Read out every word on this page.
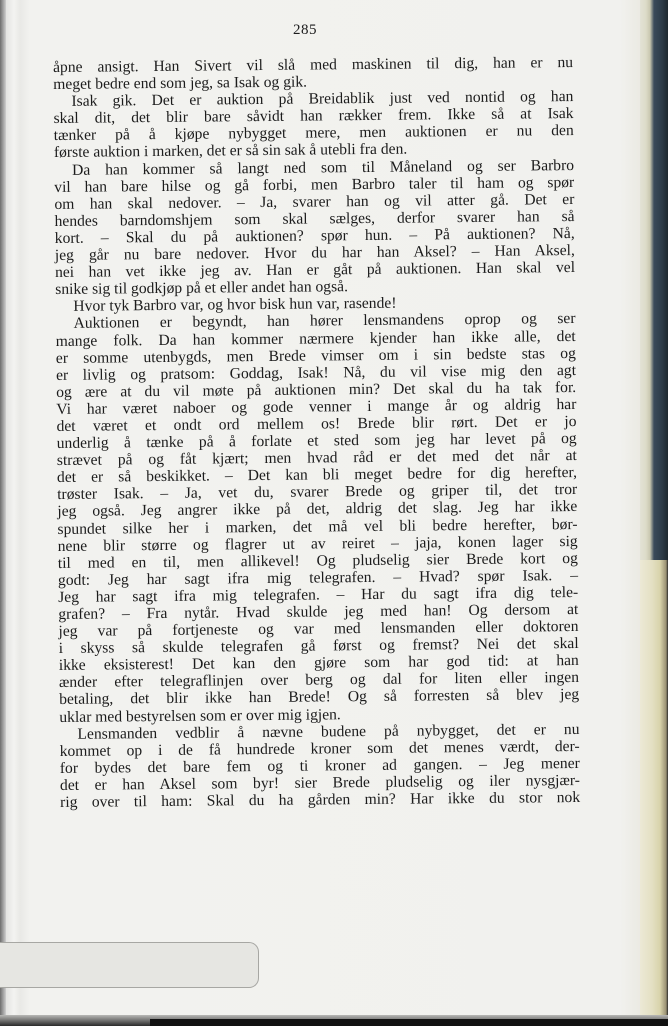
285
åpne ansigt. Han Sivert vil slå med maskinen til dig, han er nu
meget bedre end som jeg, sa Isak og gik.
Isak gik. Det er auktion på Breidablik just ved nontid og han
skal dit, det blir bare såvidt han rækker frem. Ikke så at Isak
tænker på å kjøpe nybygget mere, men auktionen er nu den
første auktion i marken, det er så sin sak å utebli fra den.
Da han kommer så langt ned som til Måneland og ser Barbro
vil han bare hilse og gå forbi, men Barbro taler til ham og spør
om han skal nedover. – Ja, svarer han og vil atter gå. Det er
hendes barndomshjem som skal sælges, derfor svarer han så
kort. – Skal du på auktionen? spør hun. – På auktionen? Nå,
jeg går nu bare nedover. Hvor du har han Aksel? – Han Aksel,
nei han vet ikke jeg av. Han er gåt på auktionen. Han skal vel
snike sig til godkjøp på et eller andet han også.
Hvor tyk Barbro var, og hvor bisk hun var, rasende!
Auktionen er begyndt, han hører lensmandens oprop og ser
mange folk. Da han kommer nærmere kjender han ikke alle, det
er somme utenbygds, men Brede vimser om i sin bedste stas og
er livlig og pratsom: Goddag, Isak! Nå, du vil vise mig den agt
og ære at du vil møte på auktionen min? Det skal du ha tak for.
Vi har været naboer og gode venner i mange år og aldrig har
det været et ondt ord mellem os! Brede blir rørt. Det er jo
underlig å tænke på å forlate et sted som jeg har levet på og
strævet på og fåt kjært; men hvad råd er det med det når at
det er så beskikket. – Det kan bli meget bedre for dig herefter,
trøster Isak. – Ja, vet du, svarer Brede og griper til, det tror
jeg også. Jeg angrer ikke på det, aldrig det slag. Jeg har ikke
spundet silke her i marken, det må vel bli bedre herefter, bør-
nene blir større og flagrer ut av reiret – jaja, konen lager sig
til med en til, men allikevel! Og pludselig sier Brede kort og
godt: Jeg har sagt ifra mig telegrafen. – Hvad? spør Isak. –
Jeg har sagt ifra mig telegrafen. – Har du sagt ifra dig tele-
grafen? – Fra nytår. Hvad skulde jeg med han! Og dersom at
jeg var på fortjeneste og var med lensmanden eller doktoren
i skyss så skulde telegrafen gå først og fremst? Nei det skal
ikke eksisterest! Det kan den gjøre som har god tid: at han
ænder efter telegraflinjen over berg og dal for liten eller ingen
betaling, det blir ikke han Brede! Og så forresten så blev jeg
uklar med bestyrelsen som er over mig igjen.
Lensmanden vedblir å nævne budene på nybygget, det er nu
kommet op i de få hundrede kroner som det menes værdt, der-
for bydes det bare fem og ti kroner ad gangen. – Jeg mener
det er han Aksel som byr! sier Brede pludselig og iler nysgjær-
rig over til ham: Skal du ha gården min? Har ikke du stor nok
